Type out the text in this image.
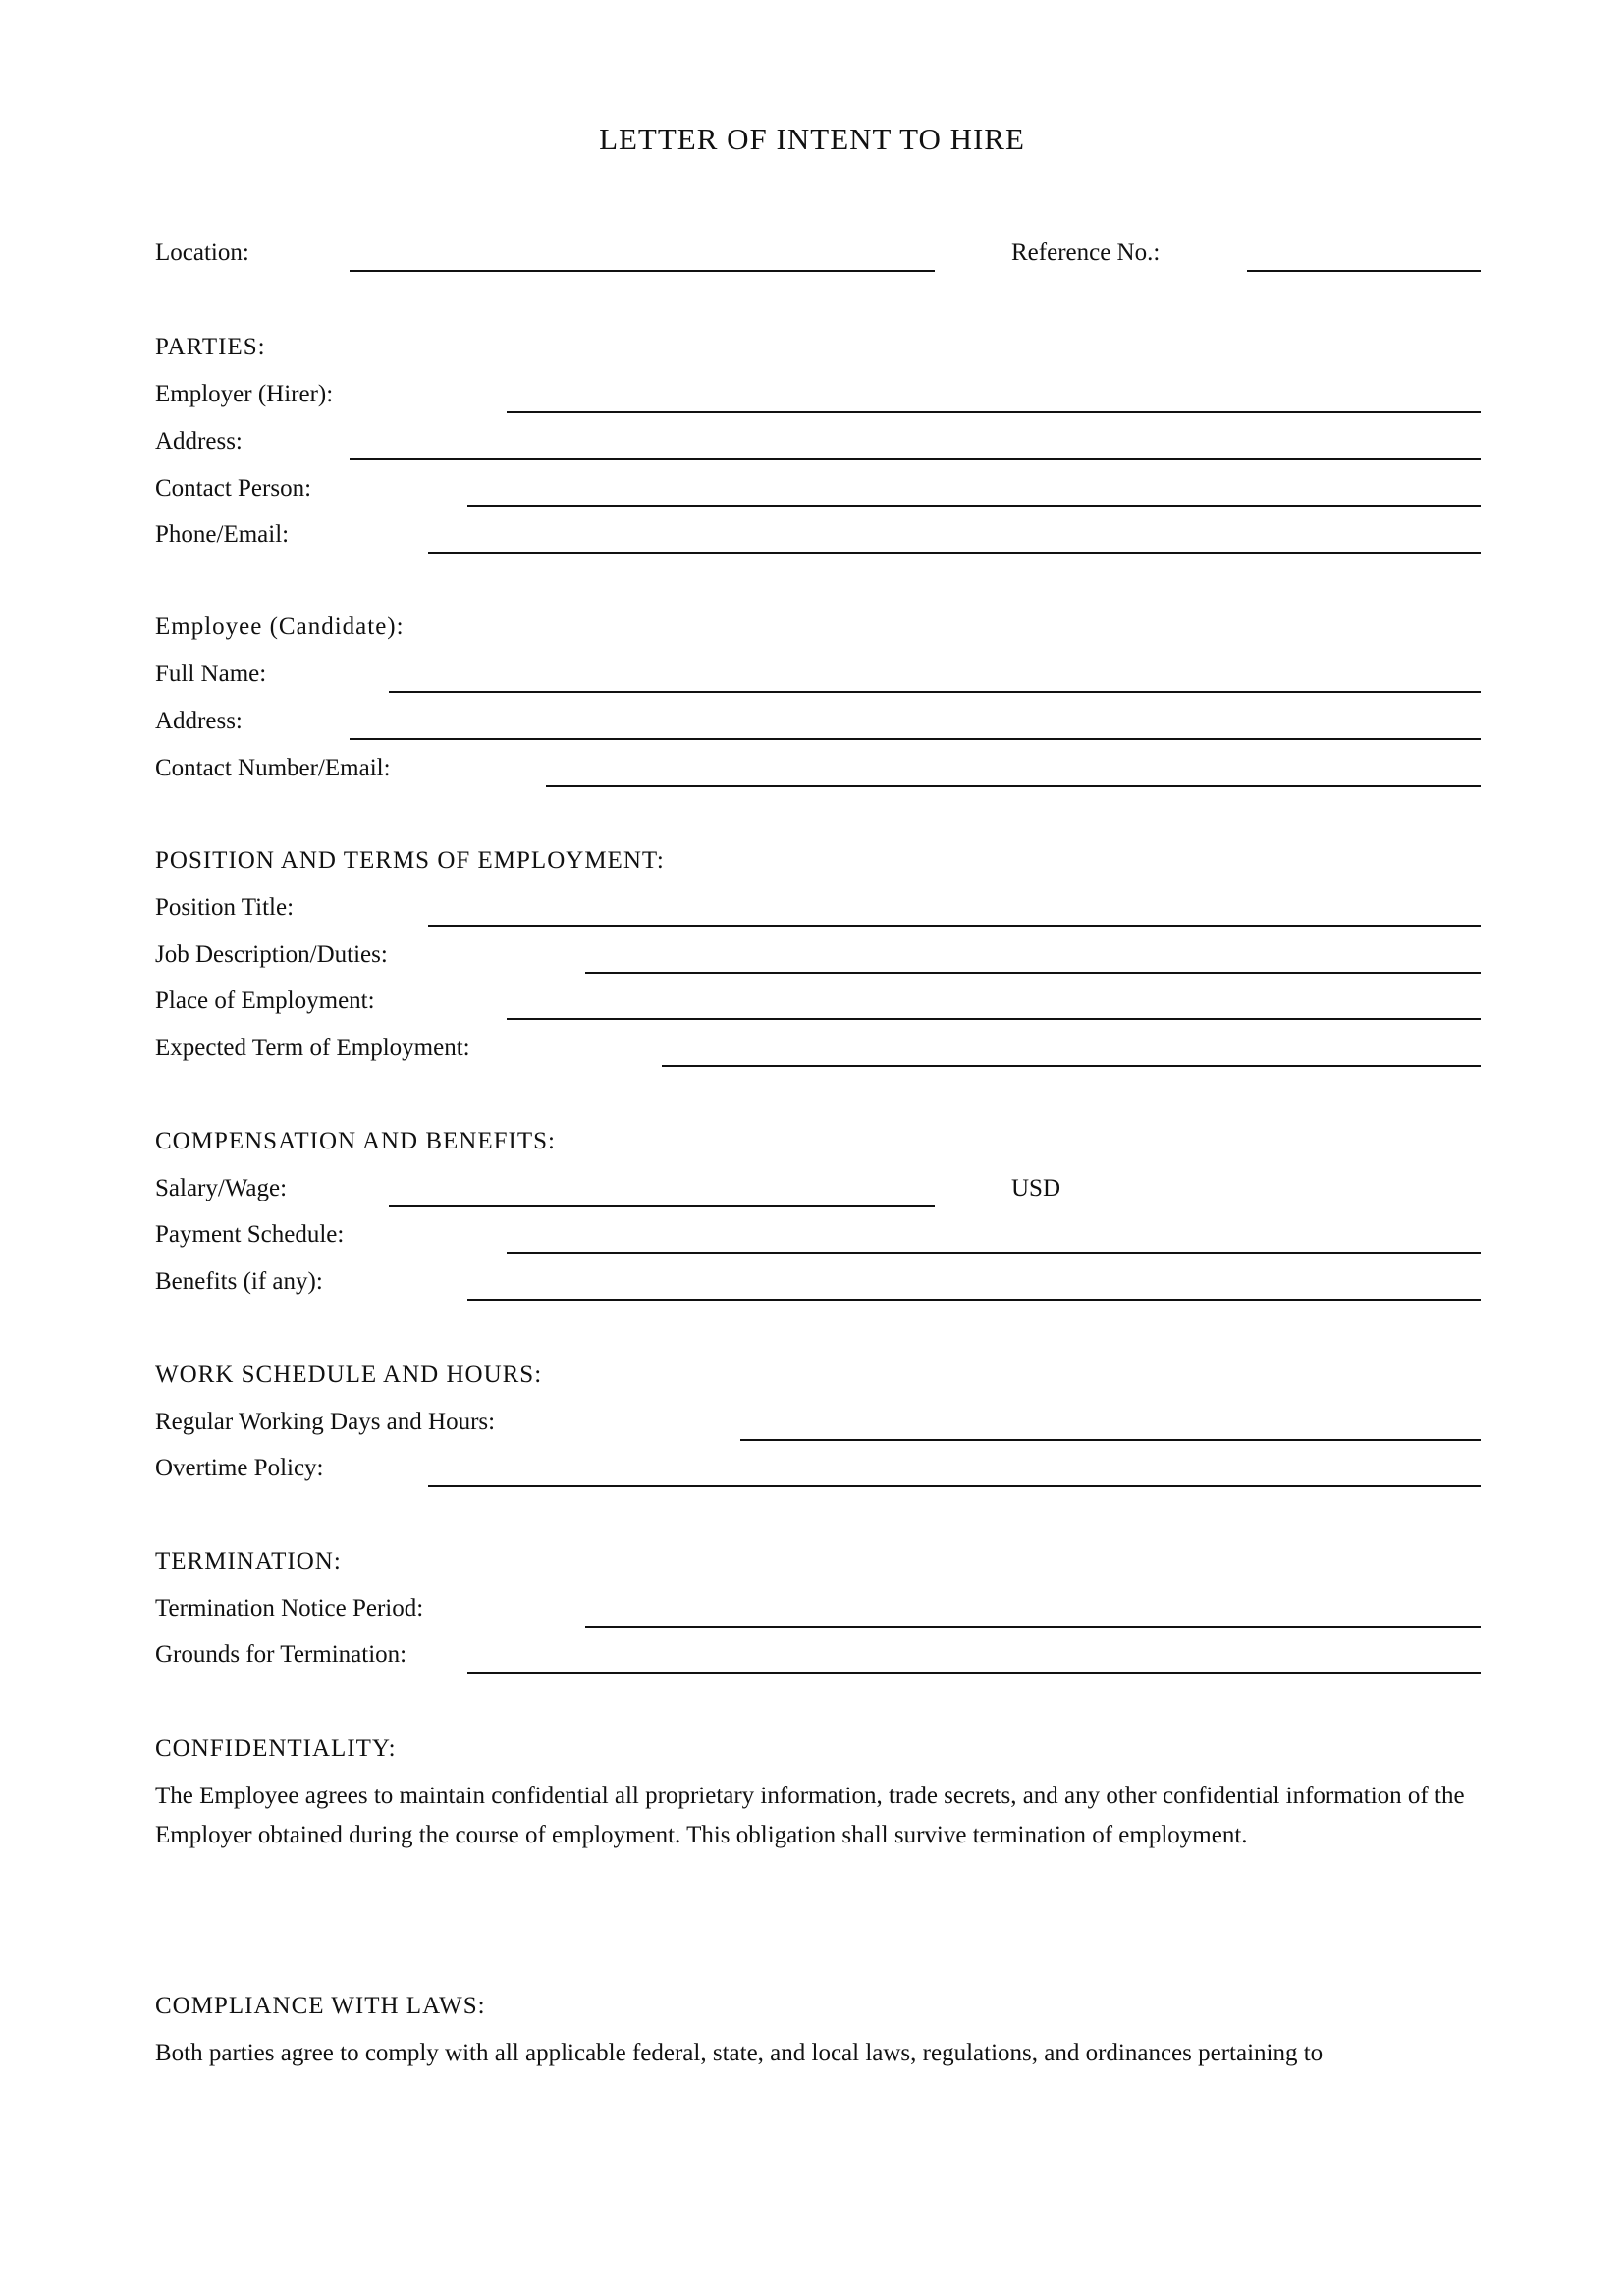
LETTER OF INTENT TO HIRE
Location:	Reference No.:
PARTIES:
Employer (Hirer):
Address:
Contact Person:
Phone/Email:
Employee (Candidate):
Full Name:
Address:
Contact Number/Email:
POSITION AND TERMS OF EMPLOYMENT:
Position Title:
Job Description/Duties:
Place of Employment:
Expected Term of Employment:
COMPENSATION AND BENEFITS:
Salary/Wage:	USD
Payment Schedule:
Benefits (if any):
WORK SCHEDULE AND HOURS:
Regular Working Days and Hours:
Overtime Policy:
TERMINATION:
Termination Notice Period:
Grounds for Termination:
CONFIDENTIALITY:
The Employee agrees to maintain confidential all proprietary information, trade secrets, and any other confidential information of the Employer obtained during the course of employment. This obligation shall survive termination of employment.
COMPLIANCE WITH LAWS:
Both parties agree to comply with all applicable federal, state, and local laws, regulations, and ordinances pertaining to
